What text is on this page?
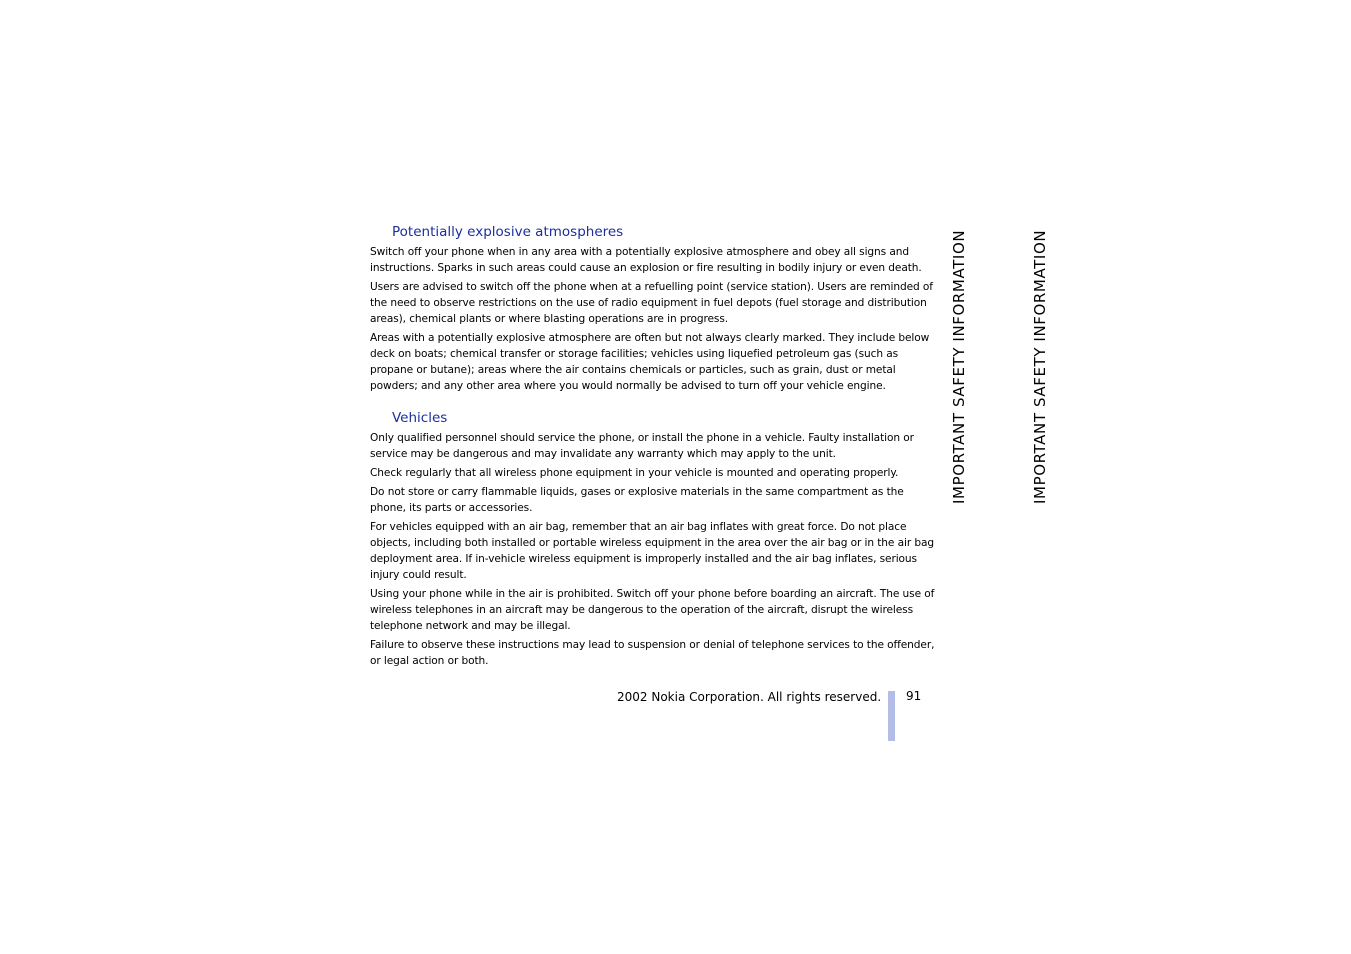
Potentially explosive atmospheres

Switch off your phone when in any area with a potentially explosive atmosphere and obey all signs and instructions. Sparks in such areas could cause an explosion or fire resulting in bodily injury or even death.

Users are advised to switch off the phone when at a refuelling point (service station). Users are reminded of the need to observe restrictions on the use of radio equipment in fuel depots (fuel storage and distribution areas), chemical plants or where blasting operations are in progress.

Areas with a potentially explosive atmosphere are often but not always clearly marked. They include below deck on boats; chemical transfer or storage facilities; vehicles using liquefied petroleum gas (such as propane or butane); areas where the air contains chemicals or particles, such as grain, dust or metal powders; and any other area where you would normally be advised to turn off your vehicle engine.

Vehicles

Only qualified personnel should service the phone, or install the phone in a vehicle. Faulty installation or service may be dangerous and may invalidate any warranty which may apply to the unit.

Check regularly that all wireless phone equipment in your vehicle is mounted and operating properly.

Do not store or carry flammable liquids, gases or explosive materials in the same compartment as the phone, its parts or accessories.

For vehicles equipped with an air bag, remember that an air bag inflates with great force. Do not place objects, including both installed or portable wireless equipment in the area over the air bag or in the air bag deployment area. If in-vehicle wireless equipment is improperly installed and the air bag inflates, serious injury could result.

Using your phone while in the air is prohibited. Switch off your phone before boarding an aircraft. The use of wireless telephones in an aircraft may be dangerous to the operation of the aircraft, disrupt the wireless telephone network and may be illegal.

Failure to observe these instructions may lead to suspension or denial of telephone services to the offender, or legal action or both.

IMPORTANT SAFETY INFORMATION	IMPORTANT SAFETY INFORMATION
2002 Nokia Corporation. All rights reserved. 91
